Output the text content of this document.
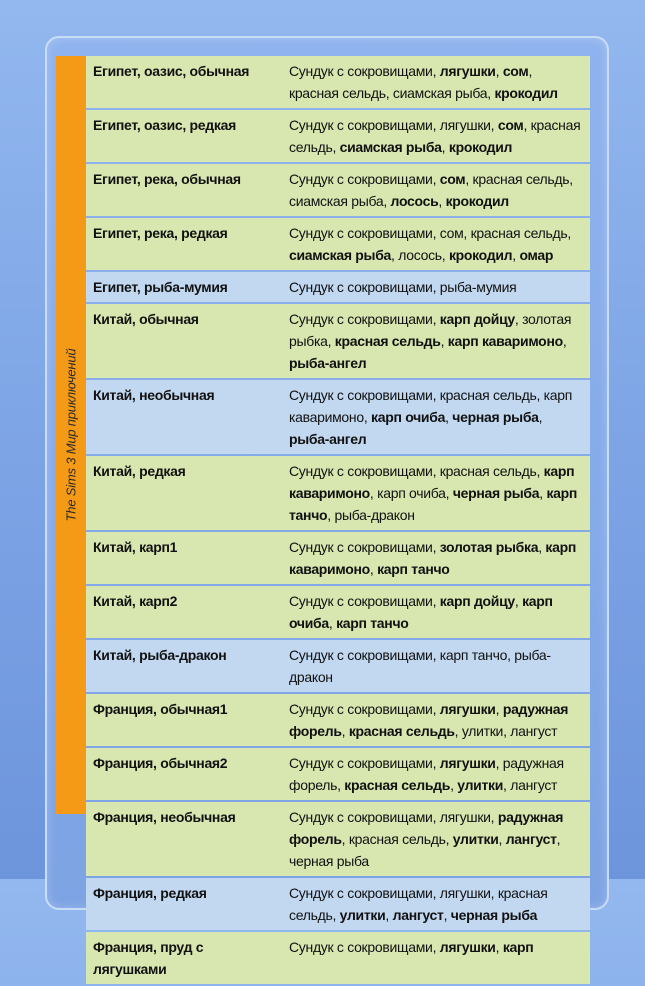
The Sims 3 Мир приключений
Египет, оазис, обычная	Сундук с сокровищами, лягушки, сом, красная сельдь, сиамская рыба, крокодил
Египет, оазис, редкая	Сундук с сокровищами, лягушки, сом, красная сельдь, сиамская рыба, крокодил
Египет, река, обычная	Сундук с сокровищами, сом, красная сельдь, сиамская рыба, лосось, крокодил
Египет, река, редкая	Сундук с сокровищами, сом, красная сельдь, сиамская рыба, лосось, крокодил, омар
Египет, рыба-мумия	Сундук с сокровищами, рыба-мумия
Китай, обычная	Сундук с сокровищами, карп дойцу, золотая рыбка, красная сельдь, карп каваримоно, рыба-ангел
Китай, необычная	Сундук с сокровищами, красная сельдь, карп каваримоно, карп очиба, черная рыба, рыба-ангел
Китай, редкая	Сундук с сокровищами, красная сельдь, карп каваримоно, карп очиба, черная рыба, карп танчо, рыба-дракон
Китай, карп1	Сундук с сокровищами, золотая рыбка, карп каваримоно, карп танчо
Китай, карп2	Сундук с сокровищами, карп дойцу, карп очиба, карп танчо
Китай, рыба-дракон	Сундук с сокровищами, карп танчо, рыба-дракон
Франция, обычная1	Сундук с сокровищами, лягушки, радужная форель, красная сельдь, улитки, лангуст
Франция, обычная2	Сундук с сокровищами, лягушки, радужная форель, красная сельдь, улитки, лангуст
Франция, необычная	Сундук с сокровищами, лягушки, радужная форель, красная сельдь, улитки, лангуст, черная рыба
Франция, редкая	Сундук с сокровищами, лягушки, красная сельдь, улитки, лангуст, черная рыба
Франция, пруд с лягушками	Сундук с сокровищами, лягушки, карп
